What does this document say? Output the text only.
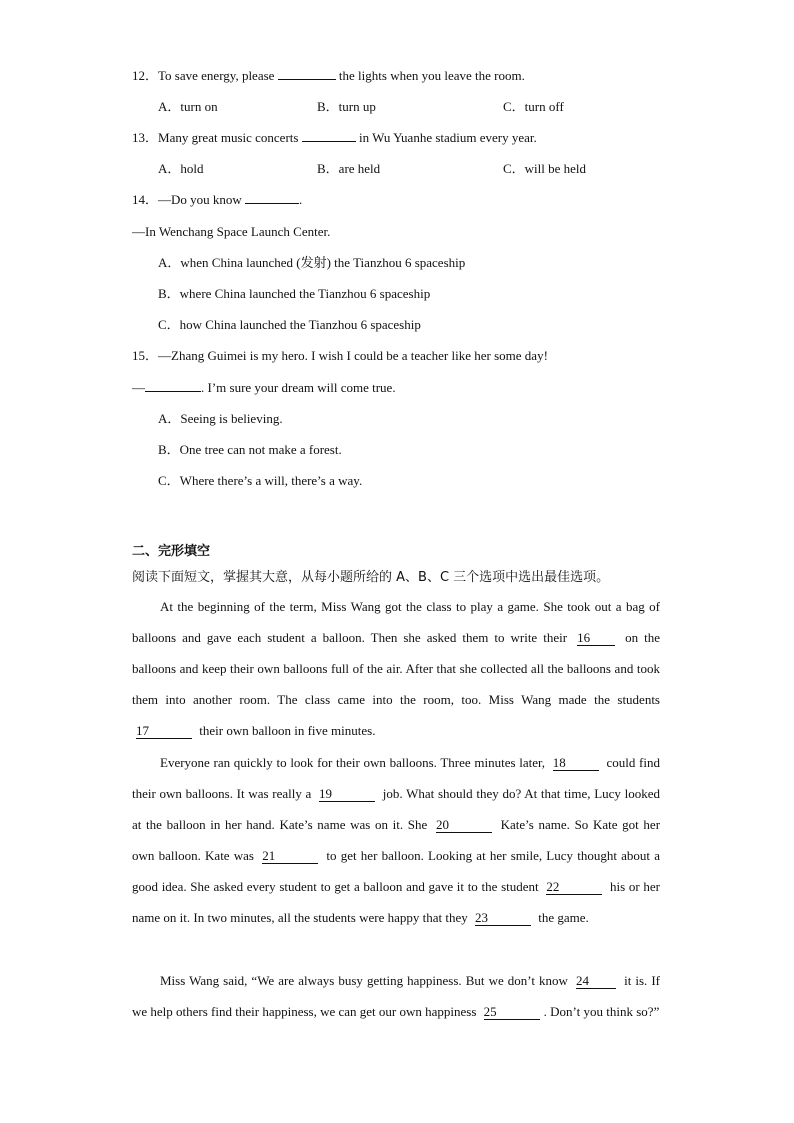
12．To save energy, please	the lights when you leave the room.
A．turn on	B．turn up	C．turn off
13．Many great music concerts	in Wu Yuanhe stadium every year.
A．hold	B．are held	C．will be held
14．—Do you know	.
—In Wenchang Space Launch Center.
A．when China launched (发射) the Tianzhou 6 spaceship
B．where China launched the Tianzhou 6 spaceship
C．how China launched the Tianzhou 6 spaceship
15．—Zhang Guimei is my hero. I wish I could be a teacher like her some day!
—	. I’m sure your dream will come true.
A．Seeing is believing.
B．One tree can not make a forest.
C．Where there’s a will, there’s a way.
二、完形填空
阅读下面短文，掌握其大意，从每小题所给的 A、B、C 三个选项中选出最佳选项。
At the beginning of the term, Miss Wang got the class to play a game. She took out a bag of balloons and gave each student a balloon. Then she asked them to write their 16	on the balloons and keep their own balloons full of the air. After that she collected all the balloons and took them into another room. The class came into the room, too. Miss Wang made the students 17	their own balloon in five minutes.
Everyone ran quickly to look for their own balloons. Three minutes later, 18	could find their own balloons. It was really a 19	job. What should they do? At that time, Lucy looked at the balloon in her hand. Kate’s name was on it. She 20	Kate’s name. So Kate got her own balloon. Kate was 21	to get her balloon. Looking at her smile, Lucy thought about a good idea. She asked every student to get a balloon and gave it to the student 22	his or her name on it. In two minutes, all the students were happy that they 23	the game.
Miss Wang said, “We are always busy getting happiness. But we don’t know 24	it is. If we help others find their happiness, we can get our own happiness 25	. Don’t you think so?”
